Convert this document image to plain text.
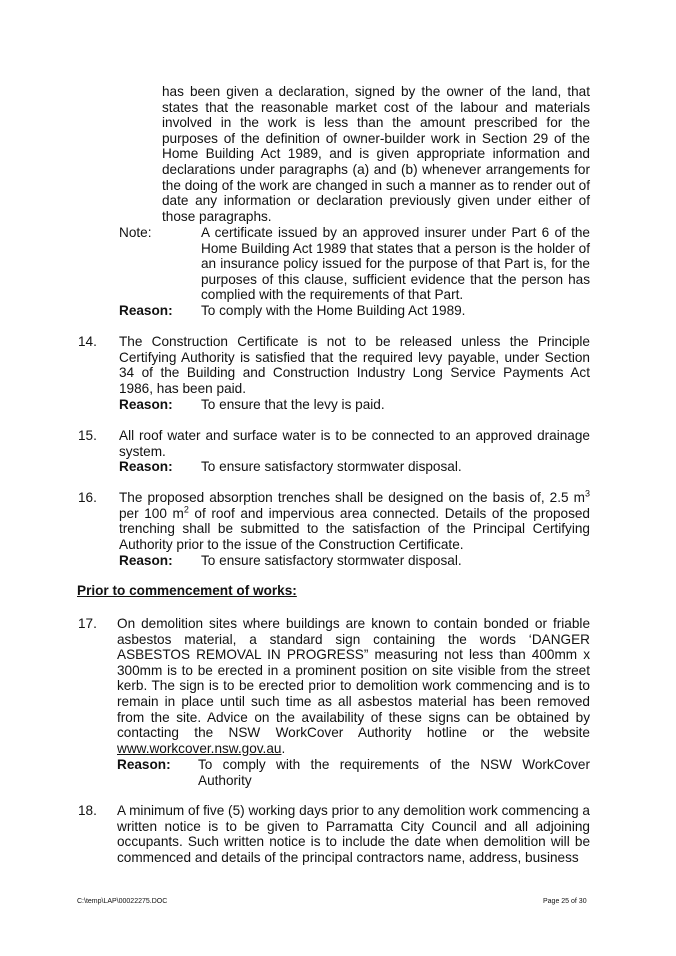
has been given a declaration, signed by the owner of the land, that states that the reasonable market cost of the labour and materials involved in the work is less than the amount prescribed for the purposes of the definition of owner-builder work in Section 29 of the Home Building Act 1989, and is given appropriate information and declarations under paragraphs (a) and (b) whenever arrangements for the doing of the work are changed in such a manner as to render out of date any information or declaration previously given under either of those paragraphs.

Note:	A certificate issued by an approved insurer under Part 6 of the Home Building Act 1989 that states that a person is the holder of an insurance policy issued for the purpose of that Part is, for the purposes of this clause, sufficient evidence that the person has complied with the requirements of that Part.

Reason: To comply with the Home Building Act 1989.
14. The Construction Certificate is not to be released unless the Principle Certifying Authority is satisfied that the required levy payable, under Section 34 of the Building and Construction Industry Long Service Payments Act 1986, has been paid.

Reason: To ensure that the levy is paid.
15. All roof water and surface water is to be connected to an approved drainage system.

Reason: To ensure satisfactory stormwater disposal.
16. The proposed absorption trenches shall be designed on the basis of, 2.5 $m^3$ per 100 $m^2$ of roof and impervious area connected. Details of the proposed trenching shall be submitted to the satisfaction of the Principal Certifying Authority prior to the issue of the Construction Certificate.

Reason: To ensure satisfactory stormwater disposal.
Prior to commencement of works:
17. On demolition sites where buildings are known to contain bonded or friable asbestos material, a standard sign containing the words ‘DANGER ASBESTOS REMOVAL IN PROGRESS” measuring not less than 400mm x 300mm is to be erected in a prominent position on site visible from the street kerb. The sign is to be erected prior to demolition work commencing and is to remain in place until such time as all asbestos material has been removed from the site. Advice on the availability of these signs can be obtained by contacting the NSW WorkCover Authority hotline or the website www.workcover.nsw.gov.au.

Reason: To comply with the requirements of the NSW WorkCover Authority

18. A minimum of five (5) working days prior to any demolition work commencing a written notice is to be given to Parramatta City Council and all adjoining occupants. Such written notice is to include the date when demolition will be commenced and details of the principal contractors name, address, business

C:\temp\LAP\00022275.DOC	Page 25 of 30
